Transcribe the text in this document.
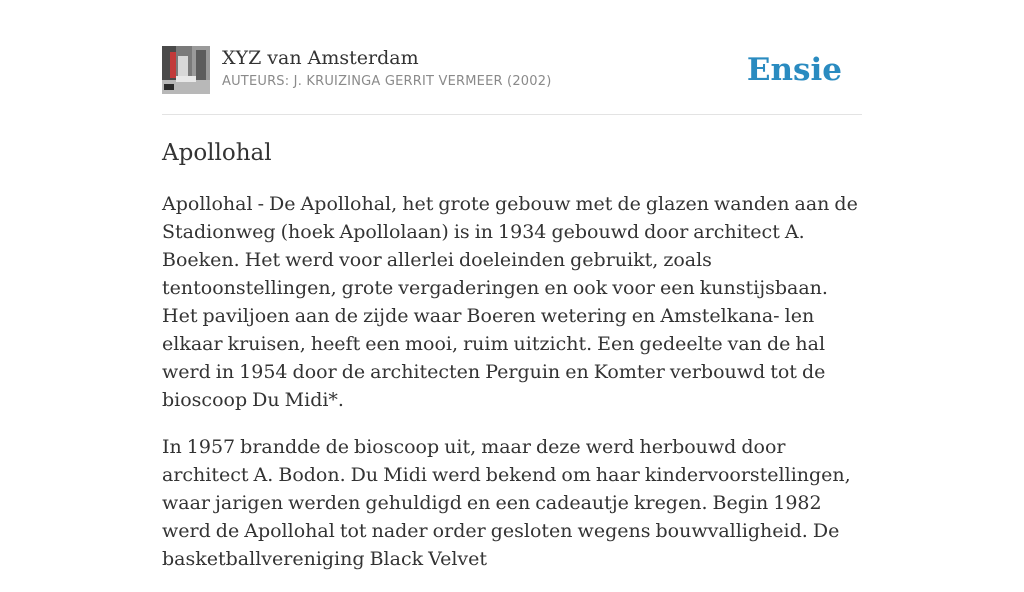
XYZ van Amsterdam
AUTEURS: J. KRUIZINGA GERRIT VERMEER (2002)	Ensie
Apollohal

Apollohal - De Apollohal, het grote gebouw met de glazen wanden aan de Stadionweg (hoek Apollolaan) is in 1934 gebouwd door architect A. Boeken. Het werd voor allerlei doeleinden gebruikt, zoals tentoonstellingen, grote vergaderingen en ook voor een kunstijsbaan. Het paviljoen aan de zijde waar Boeren wetering en Amstelkana- len elkaar kruisen, heeft een mooi, ruim uitzicht. Een gedeelte van de hal werd in 1954 door de architecten Perguin en Komter verbouwd tot de bioscoop Du Midi*.

In 1957 brandde de bioscoop uit, maar deze werd herbouwd door architect A. Bodon. Du Midi werd bekend om haar kindervoorstellingen, waar jarigen werden gehuldigd en een cadeautje kregen. Begin 1982 werd de Apollohal tot nader order gesloten wegens bouwvalligheid. De basketballvereniging Black Velvet
